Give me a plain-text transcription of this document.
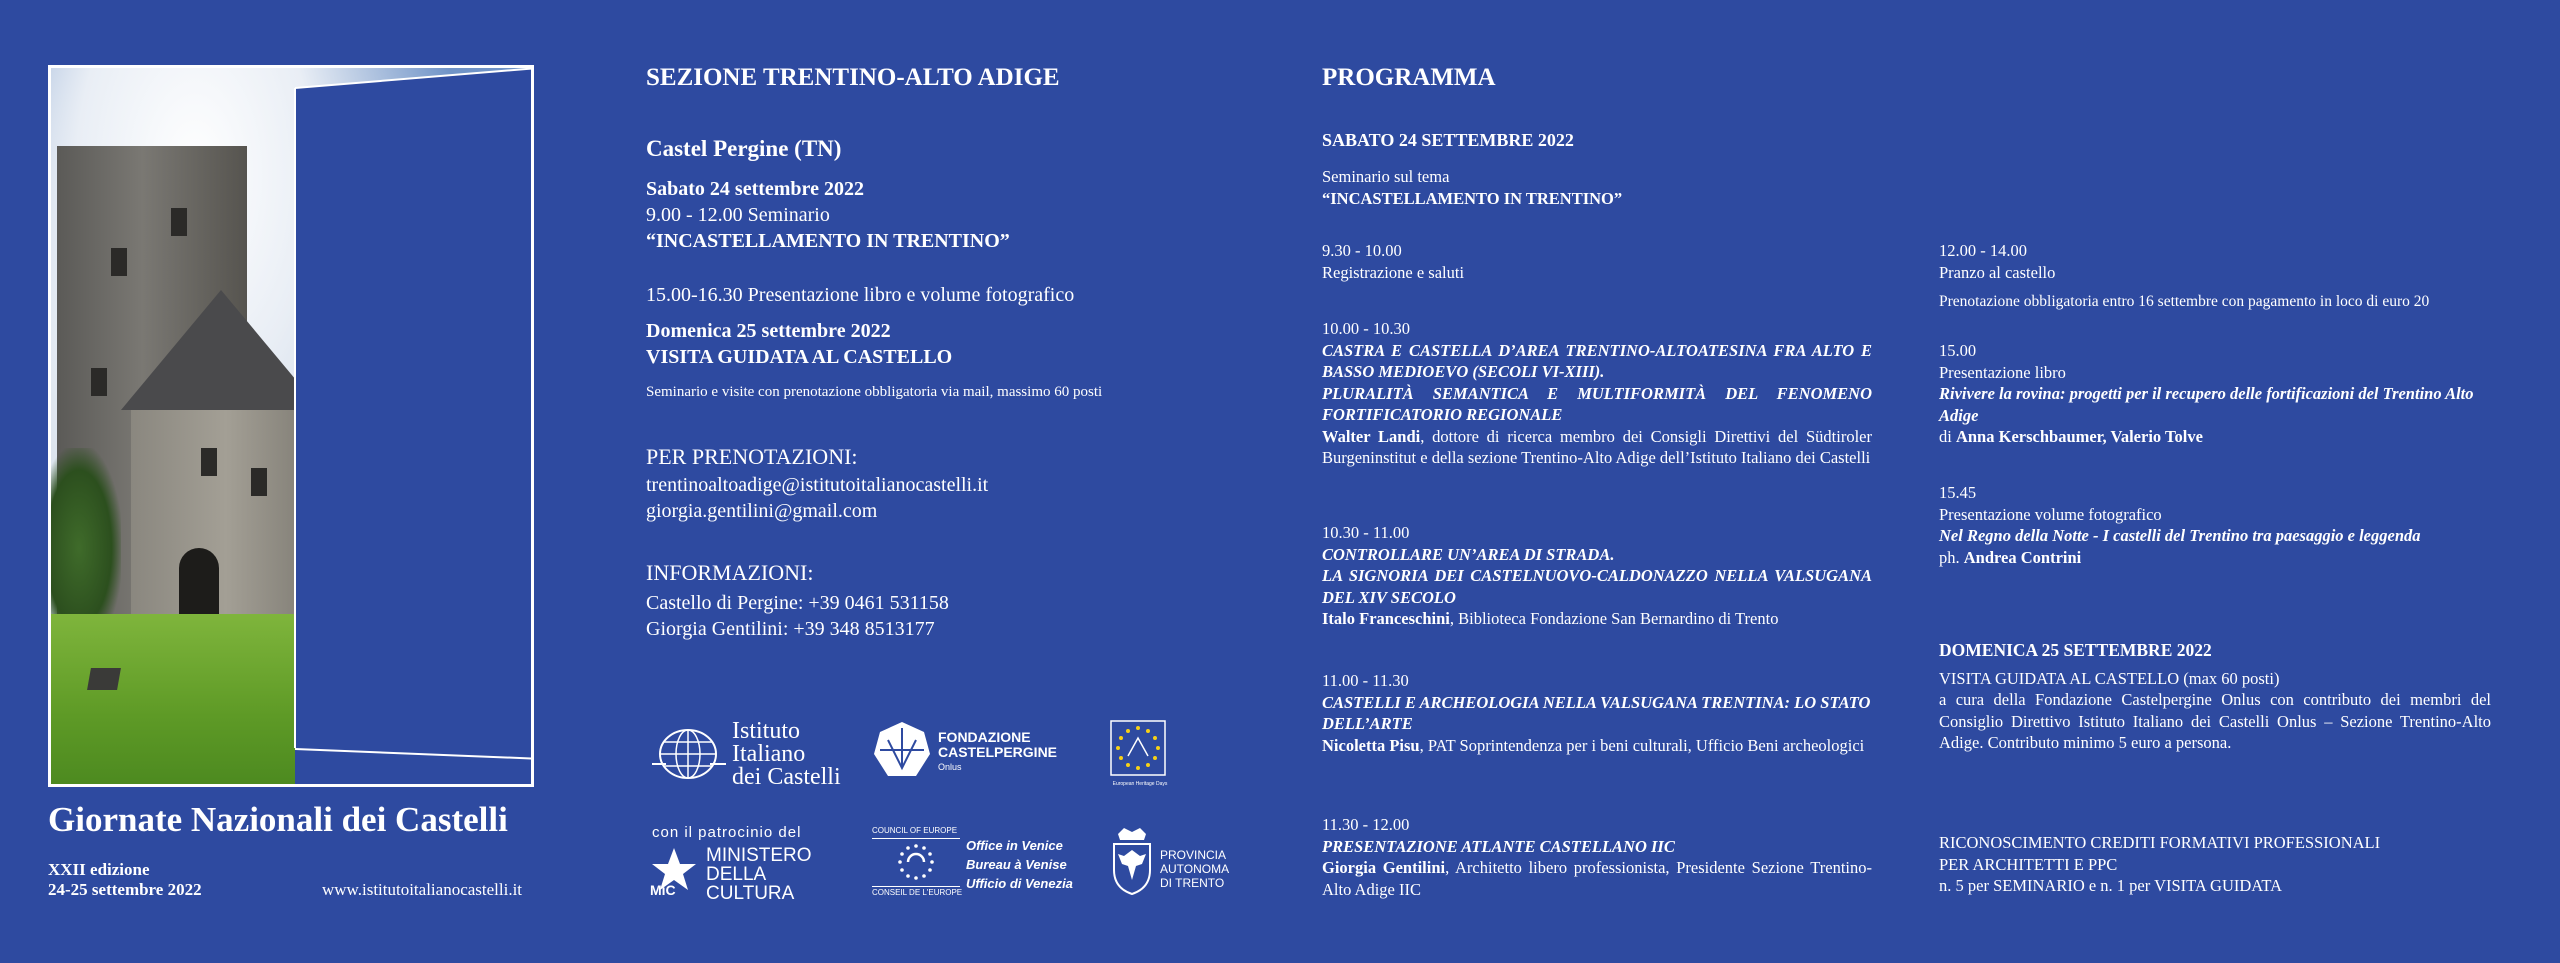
Giornate Nazionali dei Castelli
XXII edizione
24-25 settembre 2022	www.istitutoitalianocastelli.it
SEZIONE TRENTINO-ALTO ADIGE
Castel Pergine (TN)
Sabato 24 settembre 2022
9.00 - 12.00 Seminario
“INCASTELLAMENTO IN TRENTINO”
15.00-16.30 Presentazione libro e volume fotografico
Domenica 25 settembre 2022
VISITA GUIDATA AL CASTELLO
Seminario e visite con prenotazione obbligatoria via mail, massimo 60 posti
PER PRENOTAZIONI:
trentinoaltoadige@istitutoitalianocastelli.it
giorgia.gentilini@gmail.com
INFORMAZIONI:
Castello di Pergine: +39 0461 531158
Giorgia Gentilini: +39 348 8513177
Istituto
Italiano
dei Castelli
FONDAZIONE
CASTELPERGINE
Onlus
European Heritage Days
con il patrocinio del
MiC
MINISTERO
DELLA
CULTURA
COUNCIL OF EUROPE
CONSEIL DE L'EUROPE
Office in Venice
Bureau à Venise
Ufficio di Venezia
PROVINCIA
AUTONOMA
DI TRENTO
PROGRAMMA
SABATO 24 SETTEMBRE 2022

Seminario sul tema

“INCASTELLAMENTO IN TRENTINO”

9.30 - 10.00

Registrazione e saluti

10.00 - 10.30

CASTRA E CASTELLA D’AREA TRENTINO-ALTOATESINA FRA ALTO E BASSO MEDIOEVO (SECOLI VI-XIII).

PLURALITÀ SEMANTICA E MULTIFORMITÀ DEL FENOMENO FORTIFICATORIO REGIONALE

Walter Landi, dottore di ricerca membro dei Consigli Direttivi del Südtiroler Burgeninstitut e della sezione Trentino-Alto Adige dell’Istituto Italiano dei Castelli

10.30 - 11.00

CONTROLLARE UN’AREA DI STRADA.

LA SIGNORIA DEI CASTELNUOVO-CALDONAZZO NELLA VALSUGANA DEL XIV SECOLO

Italo Franceschini, Biblioteca Fondazione San Bernardino di Trento

11.00 - 11.30

CASTELLI E ARCHEOLOGIA NELLA VALSUGANA TRENTINA: LO STATO DELL’ARTE

Nicoletta Pisu, PAT Soprintendenza per i beni culturali, Ufficio Beni archeologici

11.30 - 12.00

PRESENTAZIONE ATLANTE CASTELLANO IIC

Giorgia Gentilini, Architetto libero professionista, Presidente Sezione Trentino-Alto Adige IIC

12.00 - 14.00

Pranzo al castello

Prenotazione obbligatoria entro 16 settembre con pagamento in loco di euro 20

15.00

Presentazione libro

Rivivere la rovina: progetti per il recupero delle fortificazioni del Trentino Alto Adige

di Anna Kerschbaumer, Valerio Tolve

15.45

Presentazione volume fotografico

Nel Regno della Notte - I castelli del Trentino tra paesaggio e leggenda

ph. Andrea Contrini

DOMENICA 25 SETTEMBRE 2022

VISITA GUIDATA AL CASTELLO (max 60 posti)

a cura della Fondazione Castelpergine Onlus con contributo dei membri del Consiglio Direttivo Istituto Italiano dei Castelli Onlus – Sezione Trentino-Alto Adige. Contributo minimo 5 euro a persona.

RICONOSCIMENTO CREDITI FORMATIVI PROFESSIONALI

PER ARCHITETTI E PPC

n. 5 per SEMINARIO e n. 1 per VISITA GUIDATA
